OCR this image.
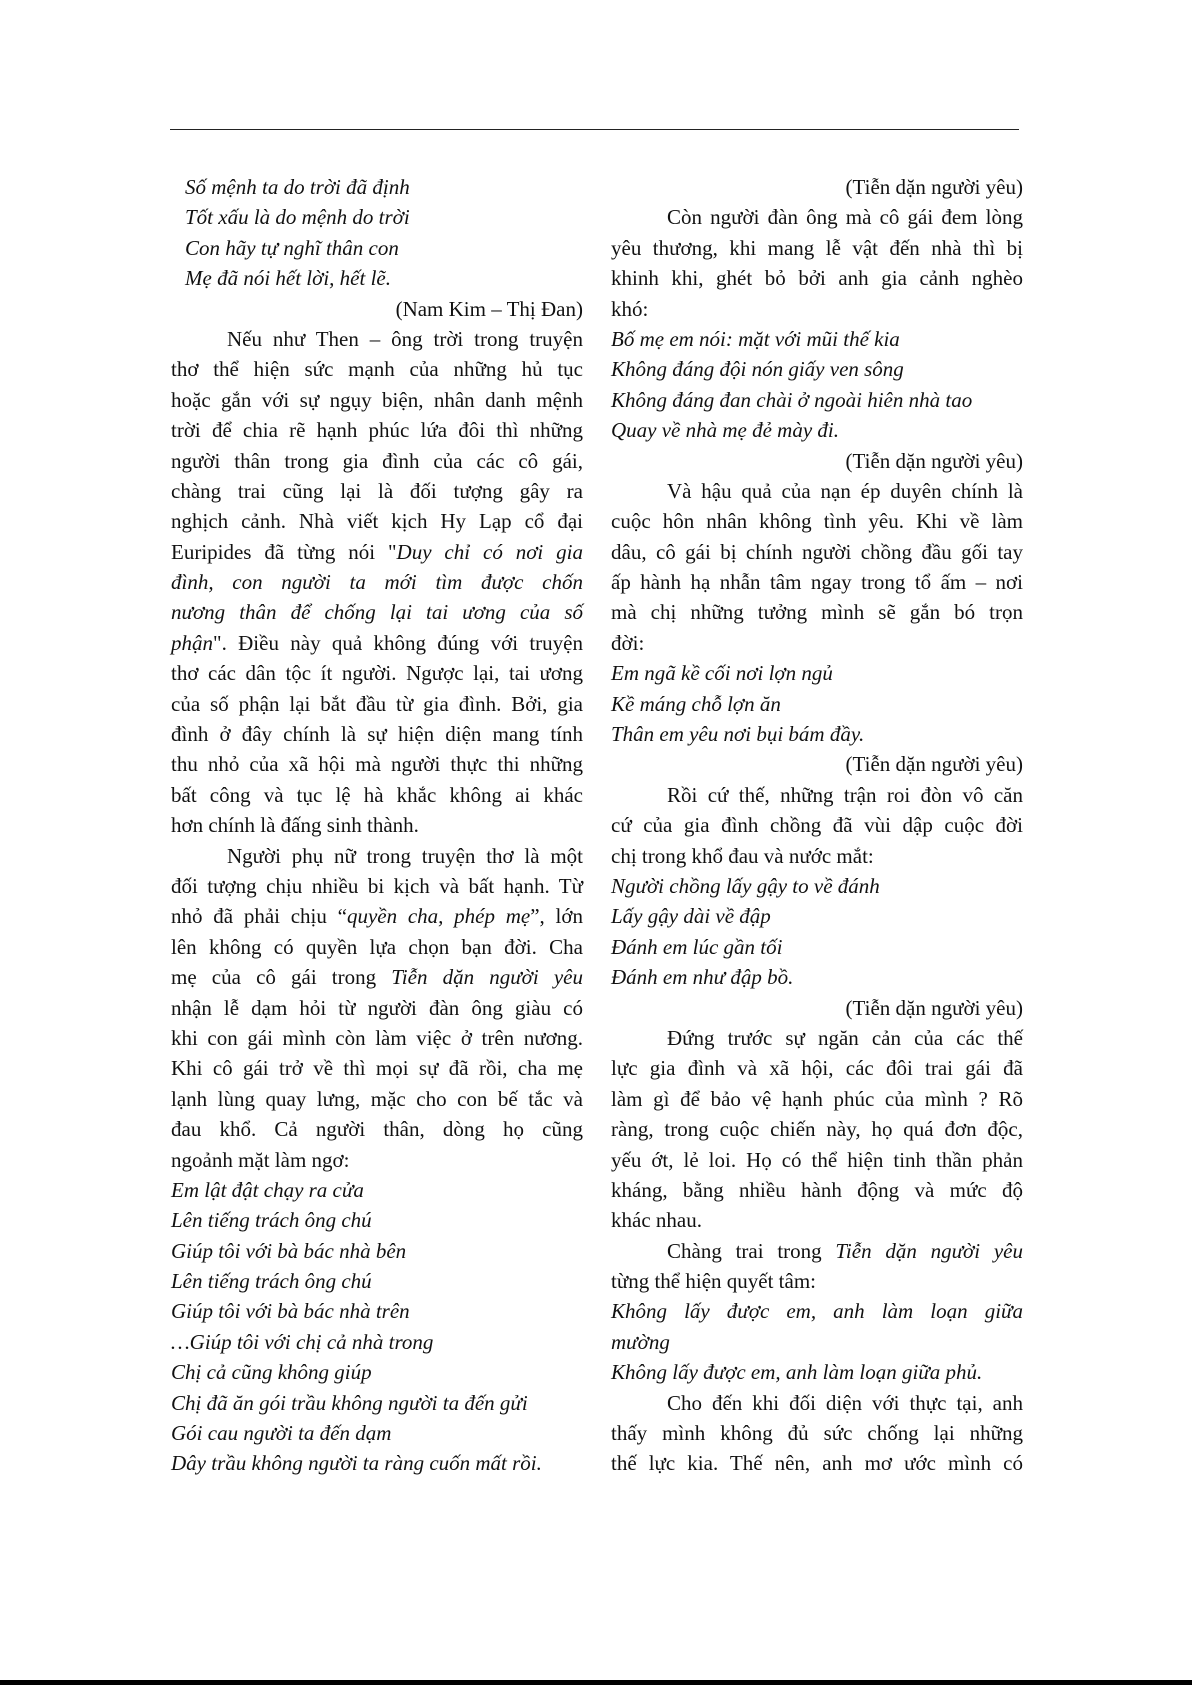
Số mệnh ta do trời đã định
Tốt xấu là do mệnh do trời
Con hãy tự nghĩ thân con
Mẹ đã nói hết lời, hết lẽ.
(Nam Kim – Thị Đan)
Nếu như Then – ông trời trong truyện
thơ thể hiện sức mạnh của những hủ tục
hoặc gắn với sự ngụy biện, nhân danh mệnh
trời để chia rẽ hạnh phúc lứa đôi thì những
người thân trong gia đình của các cô gái,
chàng trai cũng lại là đối tượng gây ra
nghịch cảnh. Nhà viết kịch Hy Lạp cổ đại
Euripides đã từng nói "Duy chỉ có nơi gia
đình, con người ta mới tìm được chốn
nương thân để chống lại tai ương của số
phận". Điều này quả không đúng với truyện
thơ các dân tộc ít người. Ngược lại, tai ương
của số phận lại bắt đầu từ gia đình. Bởi, gia
đình ở đây chính là sự hiện diện mang tính
thu nhỏ của xã hội mà người thực thi những
bất công và tục lệ hà khắc không ai khác
hơn chính là đấng sinh thành.
Người phụ nữ trong truyện thơ là một
đối tượng chịu nhiều bi kịch và bất hạnh. Từ
nhỏ đã phải chịu “quyền cha, phép mẹ”, lớn
lên không có quyền lựa chọn bạn đời. Cha
mẹ của cô gái trong Tiễn dặn người yêu
nhận lễ dạm hỏi từ người đàn ông giàu có
khi con gái mình còn làm việc ở trên nương.
Khi cô gái trở về thì mọi sự đã rồi, cha mẹ
lạnh lùng quay lưng, mặc cho con bế tắc và
đau khổ. Cả người thân, dòng họ cũng
ngoảnh mặt làm ngơ:
Em lật đật chạy ra cửa
Lên tiếng trách ông chú
Giúp tôi với bà bác nhà bên
Lên tiếng trách ông chú
Giúp tôi với bà bác nhà trên
…Giúp tôi với chị cả nhà trong
Chị cả cũng không giúp
Chị đã ăn gói trầu không người ta đến gửi
Gói cau người ta đến dạm
Dây trầu không người ta ràng cuốn mất rồi.
(Tiễn dặn người yêu)
Còn người đàn ông mà cô gái đem lòng
yêu thương, khi mang lễ vật đến nhà thì bị
khinh khi, ghét bỏ bởi anh gia cảnh nghèo
khó:
Bố mẹ em nói: mặt với mũi thế kia
Không đáng đội nón giấy ven sông
Không đáng đan chài ở ngoài hiên nhà tao
Quay về nhà mẹ đẻ mày đi.
(Tiễn dặn người yêu)
Và hậu quả của nạn ép duyên chính là
cuộc hôn nhân không tình yêu. Khi về làm
dâu, cô gái bị chính người chồng đầu gối tay
ấp hành hạ nhẫn tâm ngay trong tổ ấm – nơi
mà chị những tưởng mình sẽ gắn bó trọn
đời:
Em ngã kề cối nơi lợn ngủ
Kề máng chỗ lợn ăn
Thân em yêu nơi bụi bám đầy.
(Tiễn dặn người yêu)
Rồi cứ thế, những trận roi đòn vô căn
cứ của gia đình chồng đã vùi dập cuộc đời
chị trong khổ đau và nước mắt:
Người chồng lấy gậy to về đánh
Lấy gậy dài về đập
Đánh em lúc gần tối
Đánh em như đập bồ.
(Tiễn dặn người yêu)
Đứng trước sự ngăn cản của các thế
lực gia đình và xã hội, các đôi trai gái đã
làm gì để bảo vệ hạnh phúc của mình ? Rõ
ràng, trong cuộc chiến này, họ quá đơn độc,
yếu ớt, lẻ loi. Họ có thể hiện tinh thần phản
kháng, bằng nhiều hành động và mức độ
khác nhau.
Chàng trai trong Tiễn dặn người yêu
từng thể hiện quyết tâm:
Không lấy được em, anh làm loạn giữa
mường
Không lấy được em, anh làm loạn giữa phủ.
Cho đến khi đối diện với thực tại, anh
thấy mình không đủ sức chống lại những
thế lực kia. Thế nên, anh mơ ước mình có
